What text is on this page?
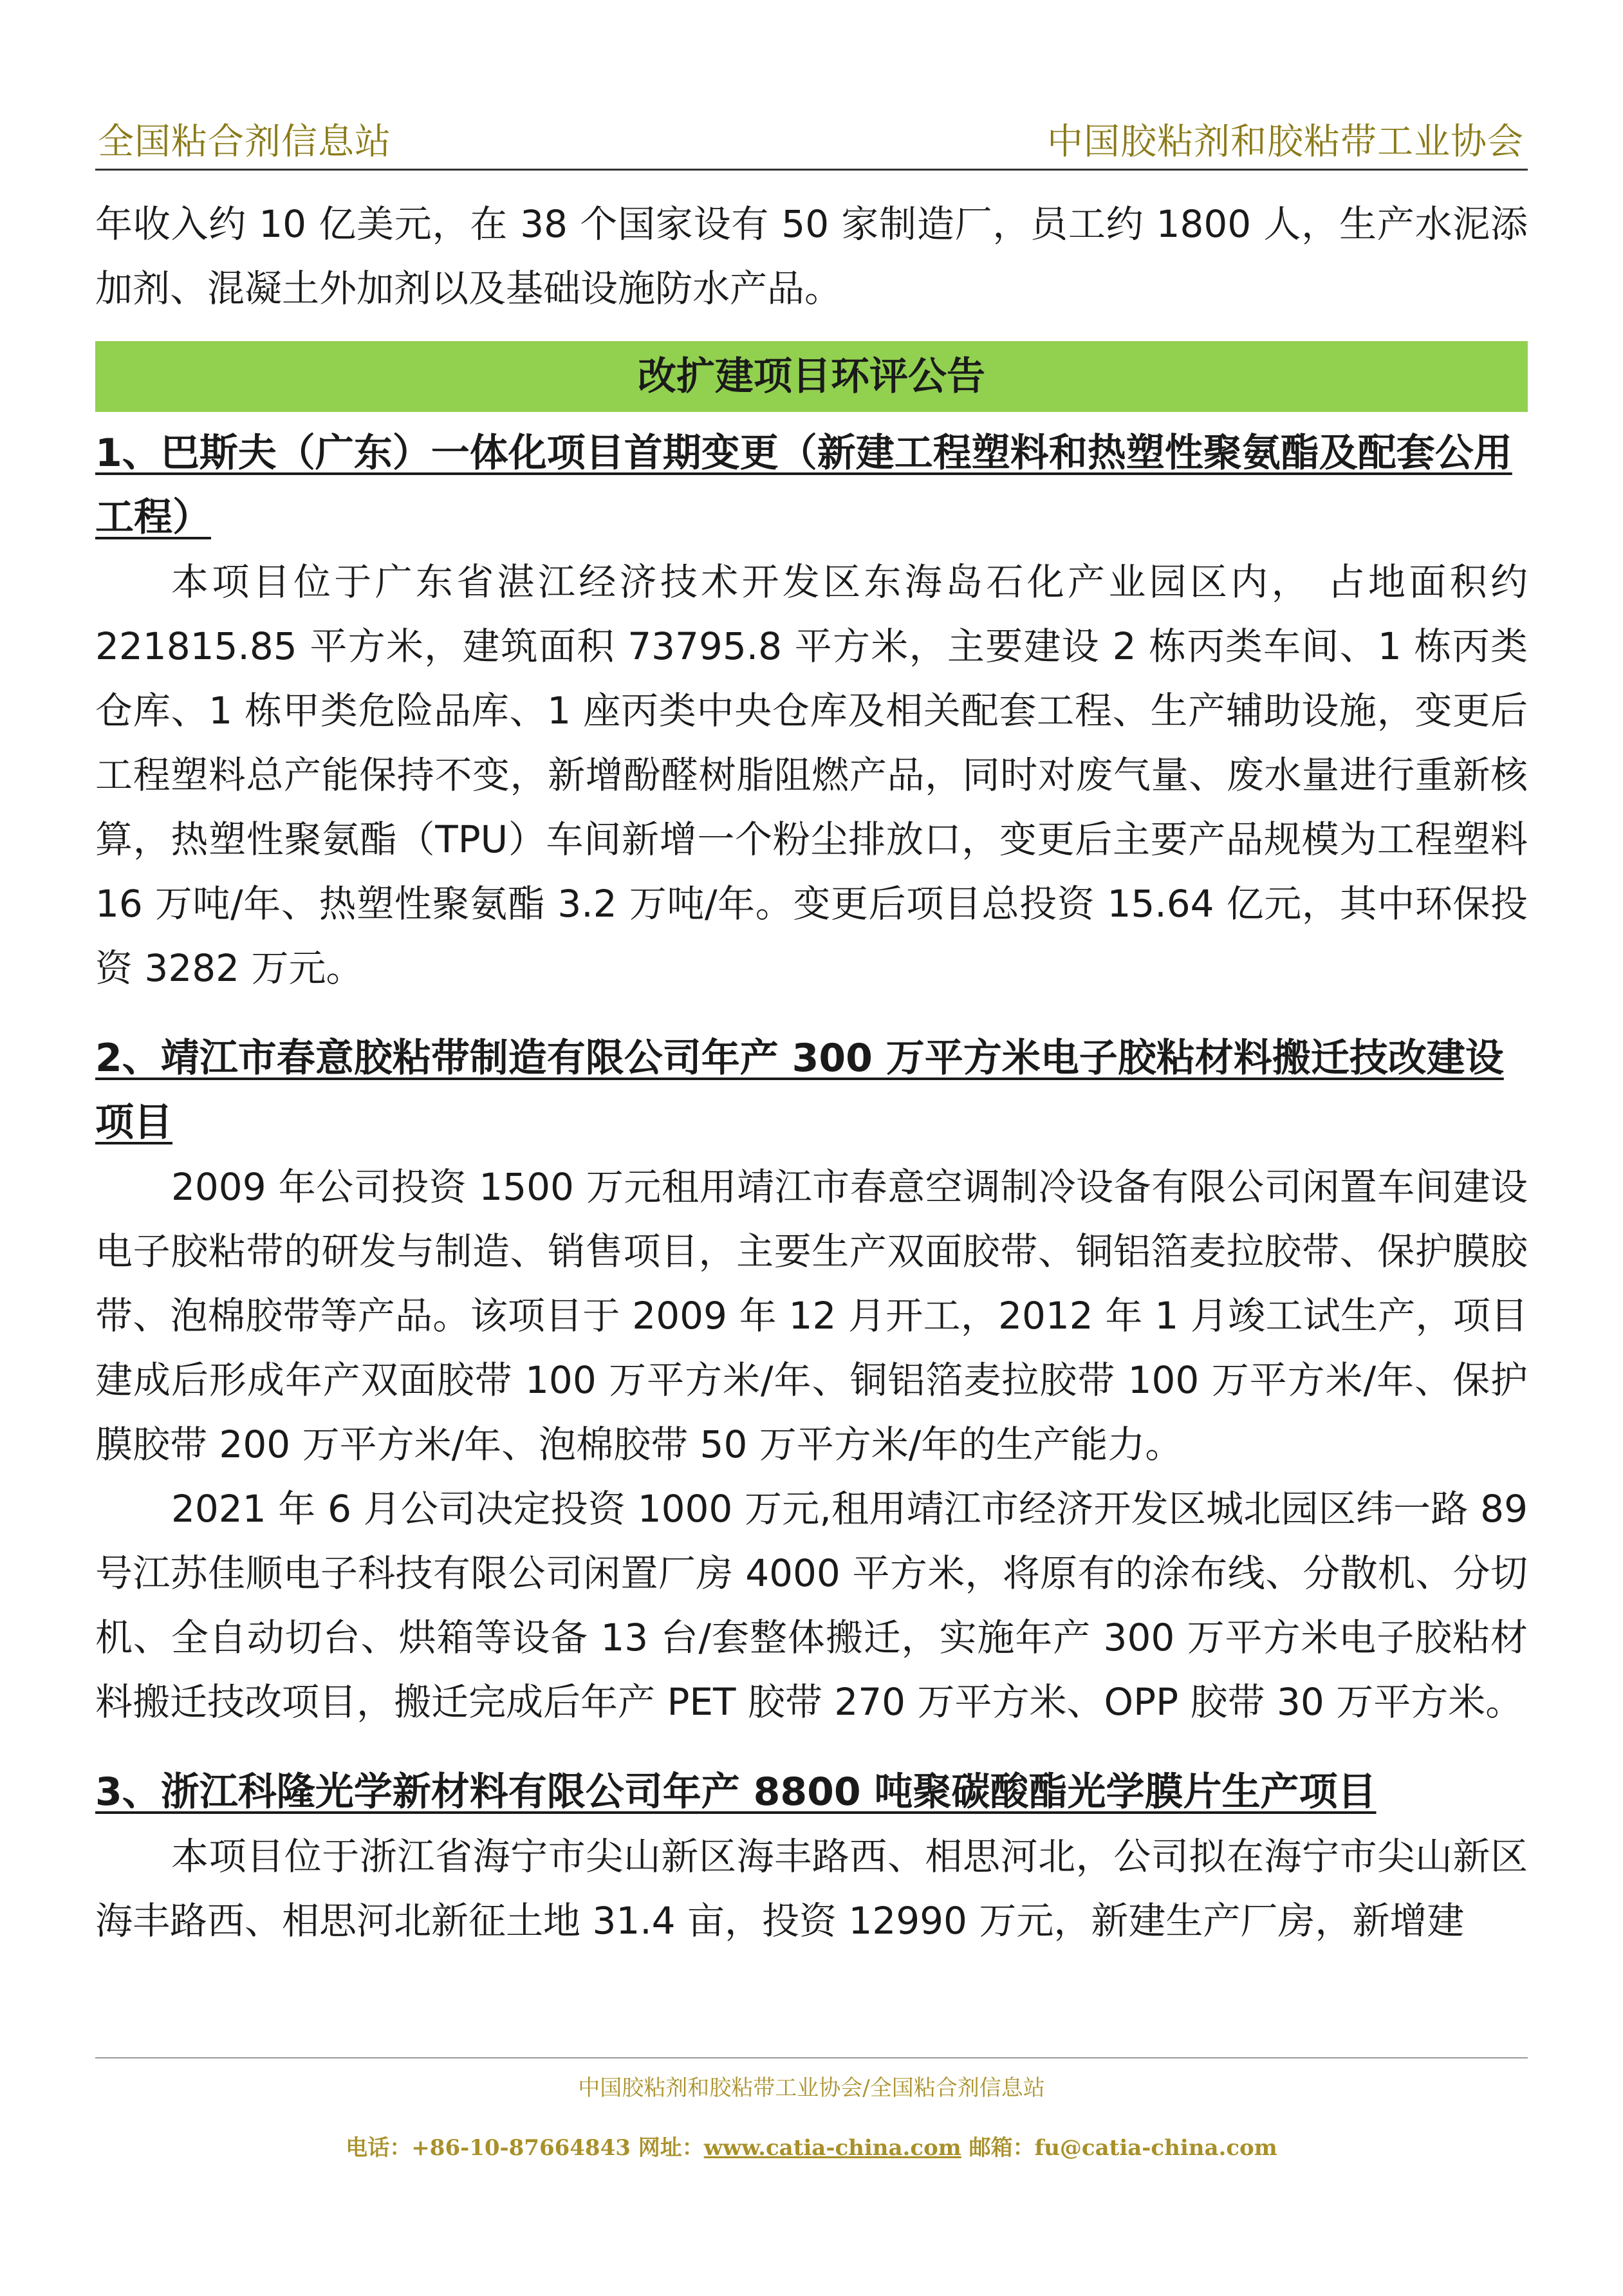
全国粘合剂信息站	中国胶粘剂和胶粘带工业协会

年收入约 10 亿美元，在 38 个国家设有 50 家制造厂，员工约 1800 人，生产水泥添加剂、混凝土外加剂以及基础设施防水产品。

改扩建项目环评公告
1、巴斯夫（广东）一体化项目首期变更（新建工程塑料和热塑性聚氨酯及配套公用工程）

本项目位于广东省湛江经济技术开发区东海岛石化产业园区内， 占地面积约 221815.85 平方米，建筑面积 73795.8 平方米，主要建设 2 栋丙类车间、1 栋丙类仓库、1 栋甲类危险品库、1 座丙类中央仓库及相关配套工程、生产辅助设施，变更后工程塑料总产能保持不变，新增酚醛树脂阻燃产品，同时对废气量、废水量进行重新核算，热塑性聚氨酯（TPU）车间新增一个粉尘排放口，变更后主要产品规模为工程塑料 16 万吨/年、热塑性聚氨酯 3.2 万吨/年。变更后项目总投资 15.64 亿元，其中环保投资 3282 万元。

2、靖江市春意胶粘带制造有限公司年产 300 万平方米电子胶粘材料搬迁技改建设项目

2009 年公司投资 1500 万元租用靖江市春意空调制冷设备有限公司闲置车间建设电子胶粘带的研发与制造、销售项目，主要生产双面胶带、铜铝箔麦拉胶带、保护膜胶带、泡棉胶带等产品。该项目于 2009 年 12 月开工，2012 年 1 月竣工试生产，项目建成后形成年产双面胶带 100 万平方米/年、铜铝箔麦拉胶带 100 万平方米/年、保护膜胶带 200 万平方米/年、泡棉胶带 50 万平方米/年的生产能力。

2021 年 6 月公司决定投资 1000 万元,租用靖江市经济开发区城北园区纬一路 89 号江苏佳顺电子科技有限公司闲置厂房 4000 平方米，将原有的涂布线、分散机、分切机、全自动切台、烘箱等设备 13 台/套整体搬迁，实施年产 300 万平方米电子胶粘材料搬迁技改项目，搬迁完成后年产 PET 胶带 270 万平方米、OPP 胶带 30 万平方米。

3、浙江科隆光学新材料有限公司年产 8800 吨聚碳酸酯光学膜片生产项目

本项目位于浙江省海宁市尖山新区海丰路西、相思河北，公司拟在海宁市尖山新区海丰路西、相思河北新征土地 31.4 亩，投资 12990 万元，新建生产厂房，新增建

中国胶粘剂和胶粘带工业协会/全国粘合剂信息站
电话：+86-10-87664843 网址：www.catia-china.com 邮箱：fu@catia-china.com
